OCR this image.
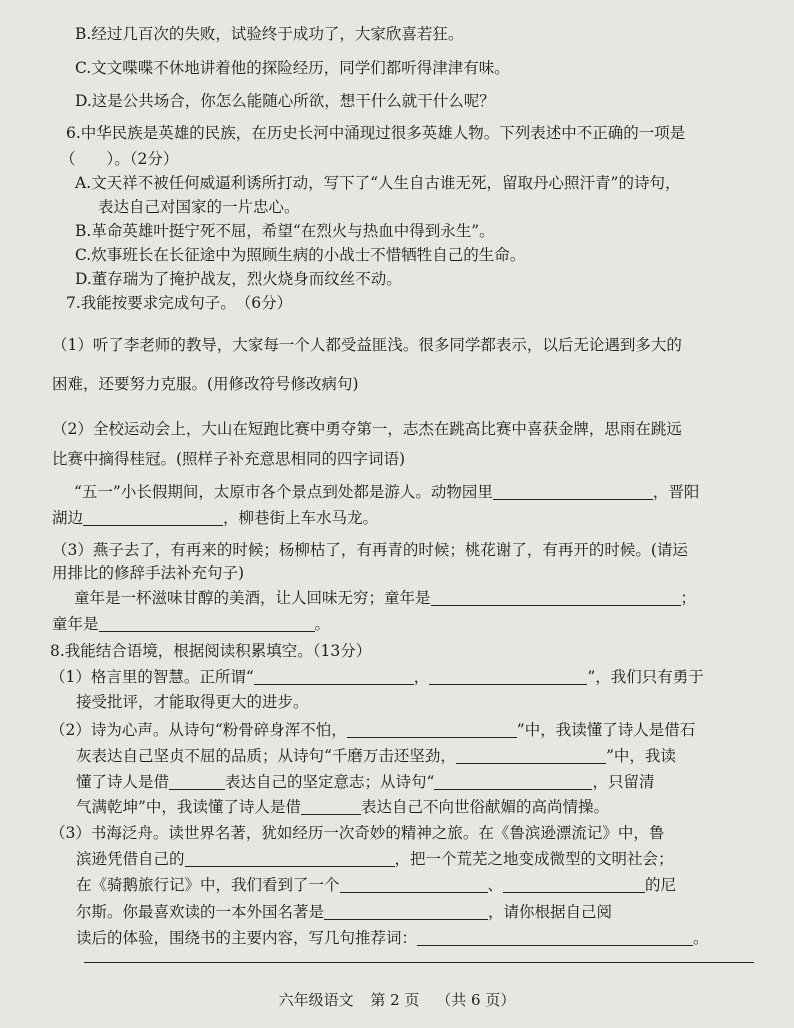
B.经过几百次的失败，试验终于成功了，大家欣喜若狂。
C.文文喋喋不休地讲着他的探险经历，同学们都听得津津有味。
D.这是公共场合，你怎么能随心所欲，想干什么就干什么呢？
6.中华民族是英雄的民族，在历史长河中涌现过很多英雄人物。下列表述中不正确的一项是
（　　）。（2分）
A.文天祥不被任何威逼利诱所打动，写下了“人生自古谁无死，留取丹心照汗青”的诗句，
表达自己对国家的一片忠心。
B.革命英雄叶挺宁死不屈，希望“在烈火与热血中得到永生”。
C.炊事班长在长征途中为照顾生病的小战士不惜牺牲自己的生命。
D.董存瑞为了掩护战友，烈火烧身而纹丝不动。
7.我能按要求完成句子。　（6分）
（1）听了李老师的教导，大家每一个人都受益匪浅。很多同学都表示，以后无论遇到多大的
困难，还要努力克服。(用修改符号修改病句)
（2）全校运动会上，大山在短跑比赛中勇夺第一，志杰在跳高比赛中喜获金牌，思雨在跳远
比赛中摘得桂冠。(照样子补充意思相同的四字词语)
“五一”小长假期间，太原市各个景点到处都是游人。动物园里	，晋阳
湖边	，柳巷街上车水马龙。
（3）燕子去了，有再来的时候；杨柳枯了，有再青的时候；桃花谢了，有再开的时候。(请运
用排比的修辞手法补充句子)
童年是一杯滋味甘醇的美酒，让人回味无穷；童年是	；
童年是	。
8.我能结合语境，根据阅读积累填空。（13分）
（1）格言里的智慧。正所谓“	，	”，我们只有勇于
接受批评，才能取得更大的进步。
（2）诗为心声。从诗句“粉骨碎身浑不怕，	”中，我读懂了诗人是借石
灰表达自己坚贞不屈的品质；从诗句“千磨万击还坚劲，	”中，我读
懂了诗人是借	表达自己的坚定意志；从诗句“	，只留清
气满乾坤”中，我读懂了诗人是借	表达自己不向世俗献媚的高尚情操。
（3）书海泛舟。读世界名著，犹如经历一次奇妙的精神之旅。在《鲁滨逊漂流记》中，鲁
滨逊凭借自己的	，把一个荒芜之地变成微型的文明社会；
在《骑鹅旅行记》中，我们看到了一个	、	的尼
尔斯。你最喜欢读的一本外国名著是	，请你根据自己阅
读后的体验，围绕书的主要内容，写几句推荐词：	。
六年级语文 第 2 页 （共 6 页）
